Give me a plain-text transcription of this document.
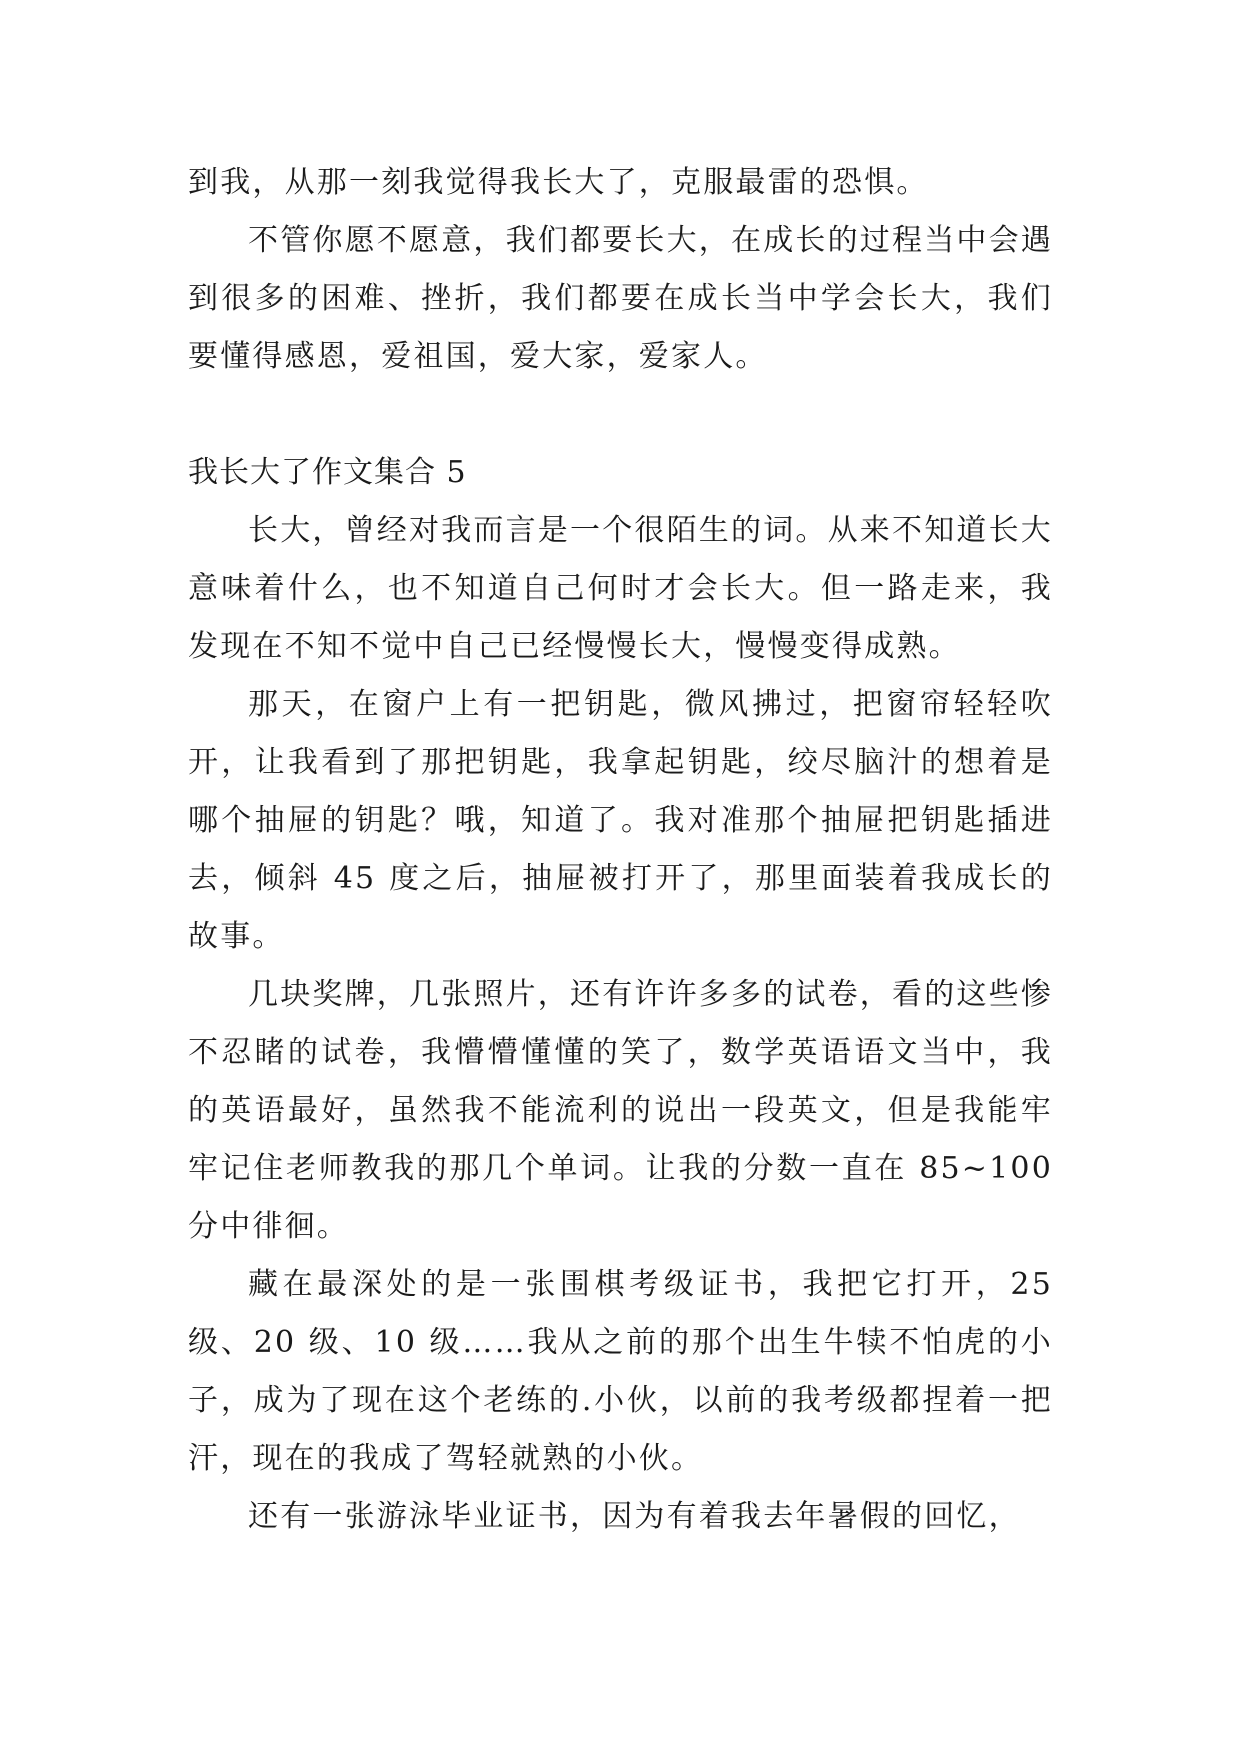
到我，从那一刻我觉得我长大了，克服最雷的恐惧。

不管你愿不愿意，我们都要长大，在成长的过程当中会遇到很多的困难、挫折，我们都要在成长当中学会长大，我们要懂得感恩，爱祖国，爱大家，爱家人。

我长大了作文集合 5

长大，曾经对我而言是一个很陌生的词。从来不知道长大意味着什么，也不知道自己何时才会长大。但一路走来，我发现在不知不觉中自己已经慢慢长大，慢慢变得成熟。

那天，在窗户上有一把钥匙，微风拂过，把窗帘轻轻吹开，让我看到了那把钥匙，我拿起钥匙，绞尽脑汁的想着是哪个抽屉的钥匙？哦，知道了。我对准那个抽屉把钥匙插进去，倾斜 45 度之后，抽屉被打开了，那里面装着我成长的故事。

几块奖牌，几张照片，还有许许多多的试卷，看的这些惨不忍睹的试卷，我懵懵懂懂的笑了，数学英语语文当中，我的英语最好，虽然我不能流利的说出一段英文，但是我能牢牢记住老师教我的那几个单词。让我的分数一直在 85~100 分中徘徊。

藏在最深处的是一张围棋考级证书，我把它打开，25 级、20 级、10 级……我从之前的那个出生牛犊不怕虎的小子，成为了现在这个老练的.小伙，以前的我考级都捏着一把汗，现在的我成了驾轻就熟的小伙。

还有一张游泳毕业证书，因为有着我去年暑假的回忆，
